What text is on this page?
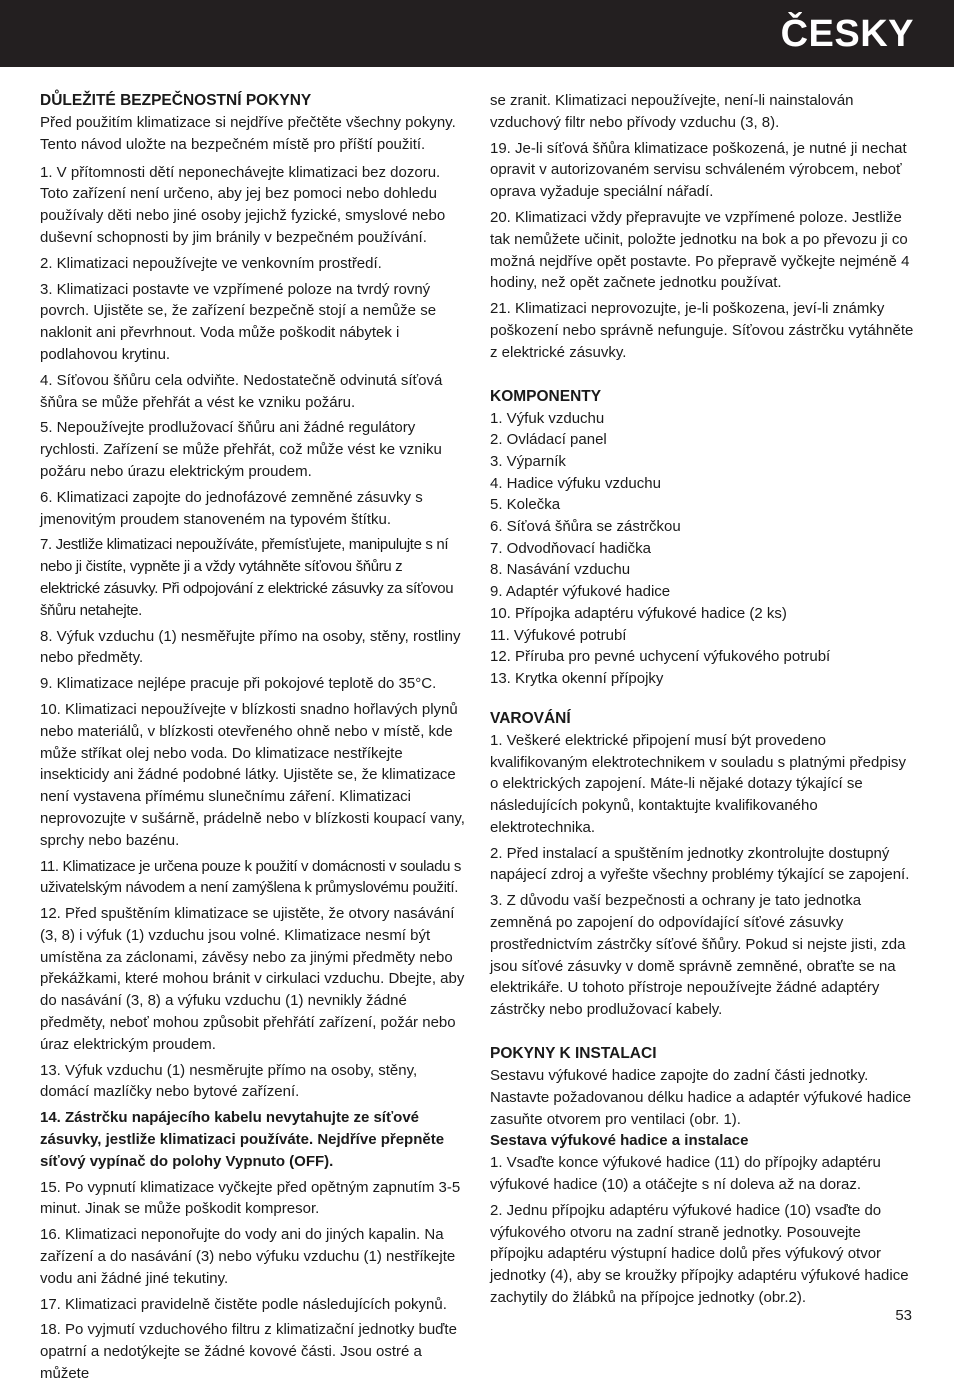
ČESKY
DŮLEŽITÉ BEZPEČNOSTNÍ POKYNY

Před použitím klimatizace si nejdříve přečtěte všechny pokyny. Tento návod uložte na bezpečném místě pro příští použití.

1. V přítomnosti dětí neponechávejte klimatizaci bez dozoru. Toto zařízení není určeno, aby jej bez pomoci nebo dohledu používaly děti nebo jiné osoby jejichž fyzické, smyslové nebo duševní schopnosti by jim bránily v bezpečném používání.

2. Klimatizaci nepoužívejte ve venkovním prostředí.

3. Klimatizaci postavte ve vzpřímené poloze na tvrdý rovný povrch. Ujistěte se, že zařízení bezpečně stojí a nemůže se naklonit ani převrhnout. Voda může poškodit nábytek i podlahovou krytinu.

4. Síťovou šňůru cela odviňte. Nedostatečně odvinutá síťová šňůra se může přehřát a vést ke vzniku požáru.

5. Nepoužívejte prodlužovací šňůru ani žádné regulátory rychlosti. Zařízení se může přehřát, což může vést ke vzniku požáru nebo úrazu elektrickým proudem.

6. Klimatizaci zapojte do jednofázové zemněné zásuvky s jmenovitým proudem stanoveném na typovém štítku.

7. Jestliže klimatizaci nepoužíváte, přemísťujete, manipulujte s ní nebo ji čistíte, vypněte ji a vždy vytáhněte síťovou šňůru z elektrické zásuvky. Při odpojování z elektrické zásuvky za síťovou šňůru netahejte.

8. Výfuk vzduchu (1) nesměřujte přímo na osoby, stěny, rostliny nebo předměty.

9. Klimatizace nejlépe pracuje při pokojové teplotě do 35°C.

10. Klimatizaci nepoužívejte v blízkosti snadno hořlavých plynů nebo materiálů, v blízkosti otevřeného ohně nebo v místě, kde může stříkat olej nebo voda. Do klimatizace nestříkejte insekticidy ani žádné podobné látky. Ujistěte se, že klimatizace není vystavena přímému slunečnímu záření. Klimatizaci neprovozujte v sušárně, prádelně nebo v blízkosti koupací vany, sprchy nebo bazénu.

11. Klimatizace je určena pouze k použití v domácnosti v souladu s uživatelským návodem a není zamýšlena k průmyslovému použití.

12. Před spuštěním klimatizace se ujistěte, že otvory nasávání (3, 8) i výfuk (1) vzduchu jsou volné. Klimatizace nesmí být umístěna za záclonami, závěsy nebo za jinými předměty nebo překážkami, které mohou bránit v cirkulaci vzduchu. Dbejte, aby do nasávání (3, 8) a výfuku vzduchu (1) nevnikly žádné předměty, neboť mohou způsobit přehřátí zařízení, požár nebo úraz elektrickým proudem.

13. Výfuk vzduchu (1) nesměrujte přímo na osoby, stěny, domácí mazlíčky nebo bytové zařízení.

14. Zástrčku napájecího kabelu nevytahujte ze síťové zásuvky, jestliže klimatizaci používáte. Nejdříve přepněte síťový vypínač do polohy Vypnuto (OFF).

15. Po vypnutí klimatizace vyčkejte před opětným zapnutím 3-5 minut. Jinak se může poškodit kompresor.

16. Klimatizaci neponořujte do vody ani do jiných kapalin. Na zařízení a do nasávání (3) nebo výfuku vzduchu (1) nestříkejte vodu ani žádné jiné tekutiny.

17. Klimatizaci pravidelně čistěte podle následujících pokynů.

18. Po vyjmutí vzduchového filtru z klimatizační jednotky buďte opatrní a nedotýkejte se žádné kovové části. Jsou ostré a můžete

se zranit. Klimatizaci nepoužívejte, není-li nainstalován vzduchový filtr nebo přívody vzduchu (3, 8).

19. Je-li síťová šňůra klimatizace poškozená, je nutné ji nechat opravit v autorizovaném servisu schváleném výrobcem, neboť oprava vyžaduje speciální nářadí.

20. Klimatizaci vždy přepravujte ve vzpřímené poloze. Jestliže tak nemůžete učinit, položte jednotku na bok a po převozu ji co možná nejdříve opět postavte. Po přepravě vyčkejte nejméně 4 hodiny, než opět začnete jednotku používat.

21. Klimatizaci neprovozujte, je-li poškozena, jeví-li známky poškození nebo správně nefunguje. Síťovou zástrčku vytáhněte z elektrické zásuvky.

KOMPONENTY
1. Výfuk vzduchu
2. Ovládací panel
3. Výparník
4. Hadice výfuku vzduchu
5. Kolečka
6. Síťová šňůra se zástrčkou
7. Odvodňovací hadička
8. Nasávání vzduchu
9. Adaptér výfukové hadice
10. Přípojka adaptéru výfukové hadice (2 ks)
11. Výfukové potrubí
12. Příruba pro pevné uchycení výfukového potrubí
13. Krytka okenní přípojky
VAROVÁNÍ

1. Veškeré elektrické připojení musí být provedeno kvalifikovaným elektrotechnikem v souladu s platnými předpisy o elektrických zapojení. Máte-li nějaké dotazy týkající se následujících pokynů, kontaktujte kvalifikovaného elektrotechnika.

2. Před instalací a spuštěním jednotky zkontrolujte dostupný napájecí zdroj a vyřešte všechny problémy týkající se zapojení.

3. Z důvodu vaší bezpečnosti a ochrany je tato jednotka zemněná po zapojení do odpovídající síťové zásuvky prostřednictvím zástrčky síťové šňůry. Pokud si nejste jisti, zda jsou síťové zásuvky v domě správně zemněné, obraťte se na elektrikáře. U tohoto přístroje nepoužívejte žádné adaptéry zástrčky nebo prodlužovací kabely.

POKYNY K INSTALACI

Sestavu výfukové hadice zapojte do zadní části jednotky. Nastavte požadovanou délku hadice a adaptér výfukové hadice zasuňte otvorem pro ventilaci (obr. 1).

Sestava výfukové hadice a instalace

1. Vsaďte konce výfukové hadice (11) do přípojky adaptéru výfukové hadice (10) a otáčejte s ní doleva až na doraz.

2. Jednu přípojku adaptéru výfukové hadice (10) vsaďte do výfukového otvoru na zadní straně jednotky. Posouvejte přípojku adaptéru výstupní hadice dolů přes výfukový otvor jednotky (4), aby se kroužky přípojky adaptéru výfukové hadice zachytily do žlábků na přípojce jednotky (obr.2).

53
